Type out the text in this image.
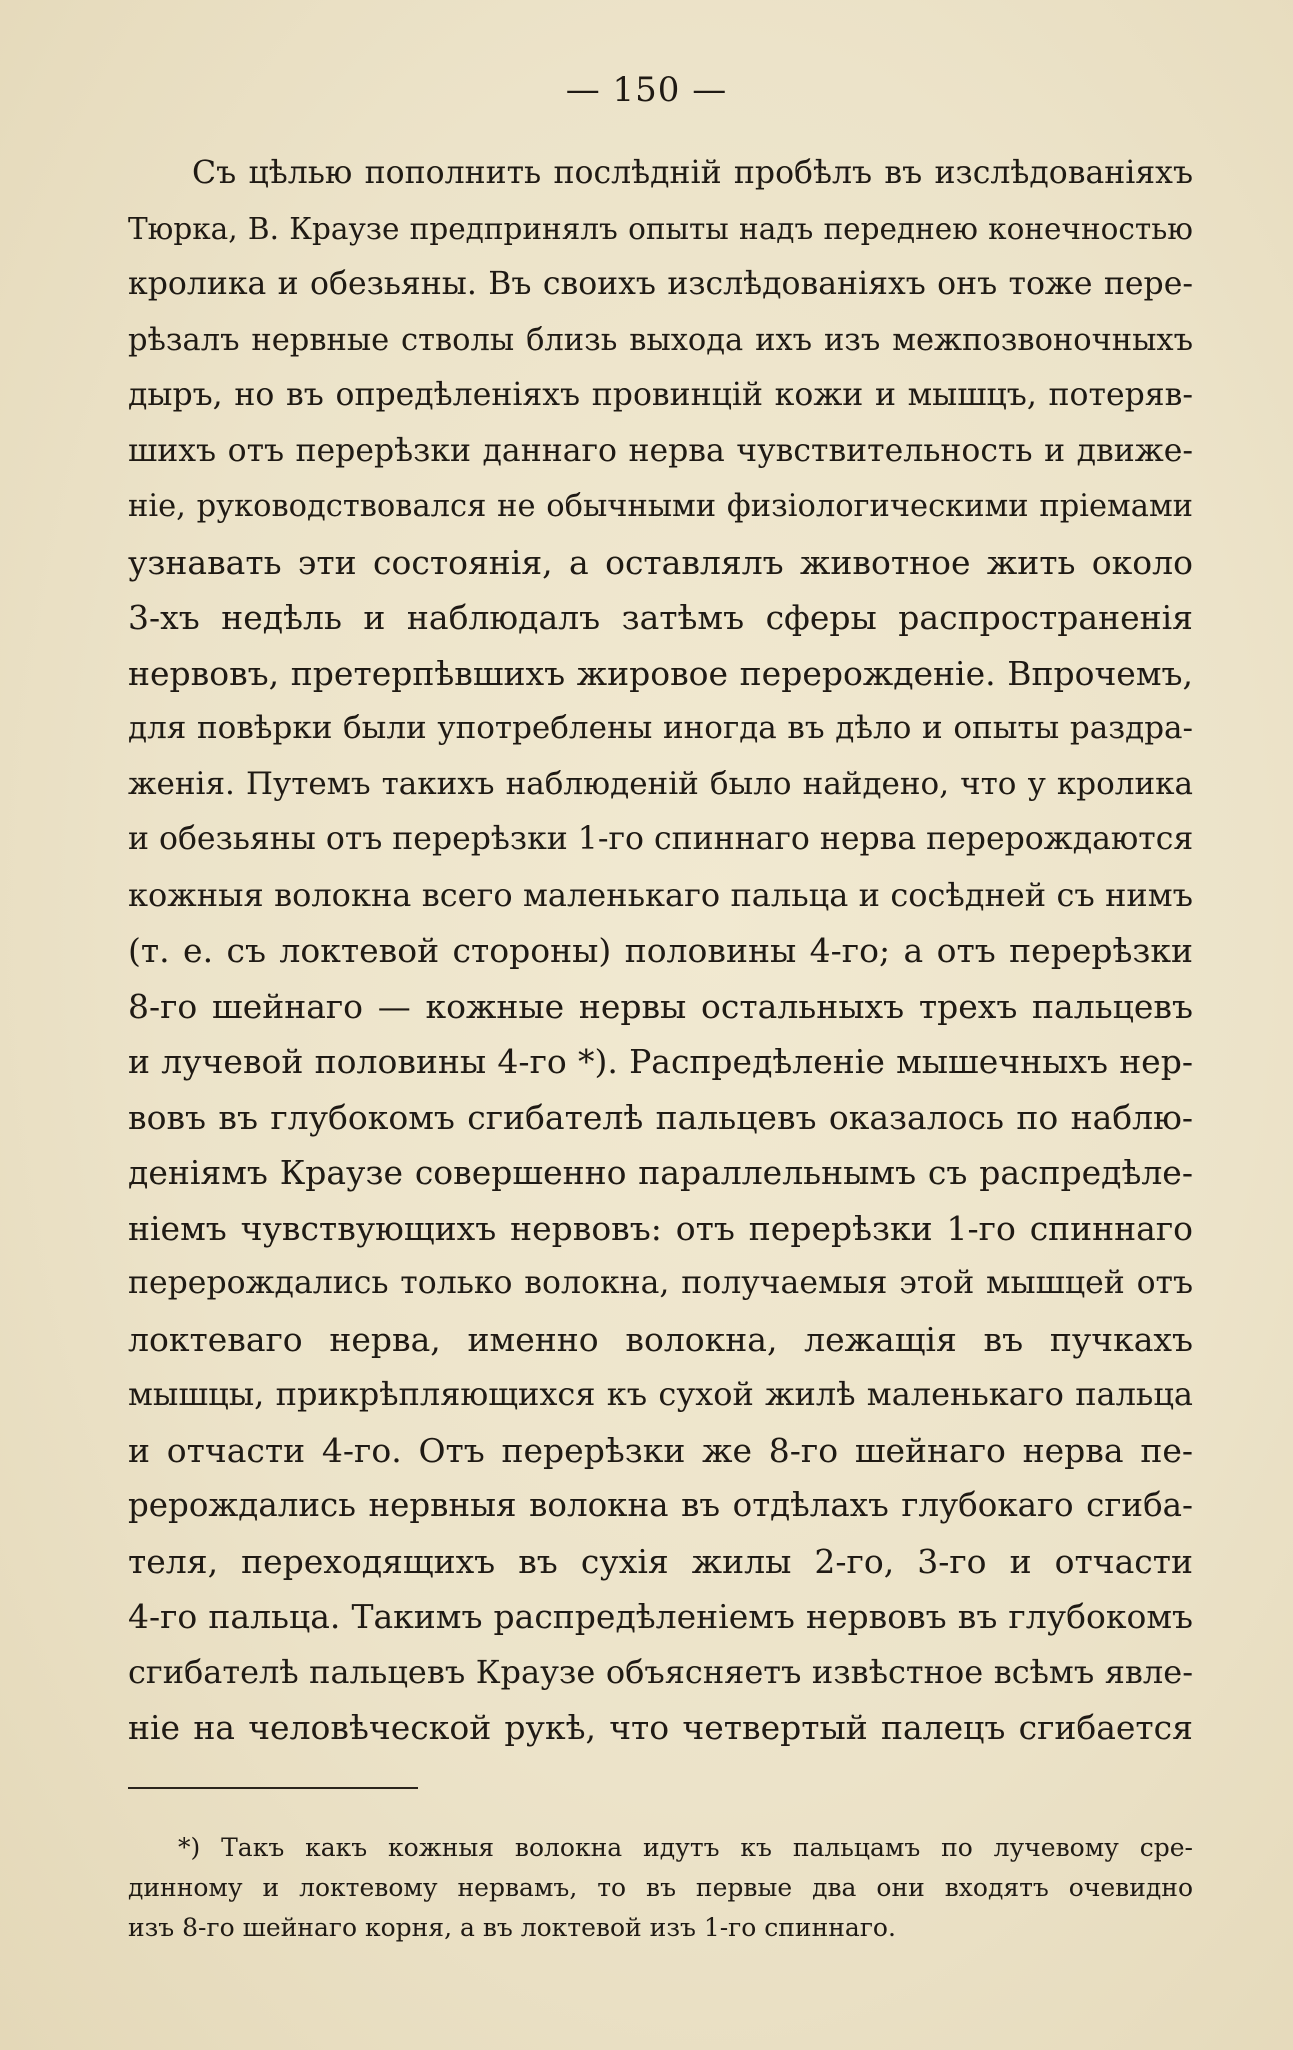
— 150 —
Съ цѣлью пополнить послѣдній пробѣлъ въ изслѣдованіяхъ
Тюрка, В. Краузе предпринялъ опыты надъ переднею конечностью
кролика и обезьяны. Въ своихъ изслѣдованіяхъ онъ тоже пере-
рѣзалъ нервные стволы близь выхода ихъ изъ межпозвоночныхъ
дыръ, но въ опредѣленіяхъ провинцій кожи и мышцъ, потеряв-
шихъ отъ перерѣзки даннаго нерва чувствительность и движе-
ніе, руководствовался не обычными физіологическими пріемами
узнавать эти состоянія, а оставлялъ животное жить около
3-хъ недѣль и наблюдалъ затѣмъ сферы распространенія
нервовъ, претерпѣвшихъ жировое перерожденіе. Впрочемъ,
для повѣрки были употреблены иногда въ дѣло и опыты раздра-
женія. Путемъ такихъ наблюденій было найдено, что у кролика
и обезьяны отъ перерѣзки 1-го спиннаго нерва перерождаются
кожныя волокна всего маленькаго пальца и сосѣдней съ нимъ
(т. е. съ локтевой стороны) половины 4-го; а отъ перерѣзки
8-го шейнаго — кожные нервы остальныхъ трехъ пальцевъ
и лучевой половины 4-го *). Распредѣленіе мышечныхъ нер-
вовъ въ глубокомъ сгибателѣ пальцевъ оказалось по наблю-
деніямъ Краузе совершенно параллельнымъ съ распредѣле-
ніемъ чувствующихъ нервовъ: отъ перерѣзки 1-го спиннаго
перерождались только волокна, получаемыя этой мышцей отъ
локтеваго нерва, именно волокна, лежащія въ пучкахъ
мышцы, прикрѣпляющихся къ сухой жилѣ маленькаго пальца
и отчасти 4-го. Отъ перерѣзки же 8-го шейнаго нерва пе-
рерождались нервныя волокна въ отдѣлахъ глубокаго сгиба-
теля, переходящихъ въ сухія жилы 2-го, 3-го и отчасти
4-го пальца. Такимъ распредѣленіемъ нервовъ въ глубокомъ
сгибателѣ пальцевъ Краузе объясняетъ извѣстное всѣмъ явле-
ніе на человѣческой рукѣ, что четвертый палецъ сгибается
*) Такъ какъ кожныя волокна идутъ къ пальцамъ по лучевому сре-
динному и локтевому нервамъ, то въ первые два они входятъ очевидно
изъ 8-го шейнаго корня, а въ локтевой изъ 1-го спиннаго.
